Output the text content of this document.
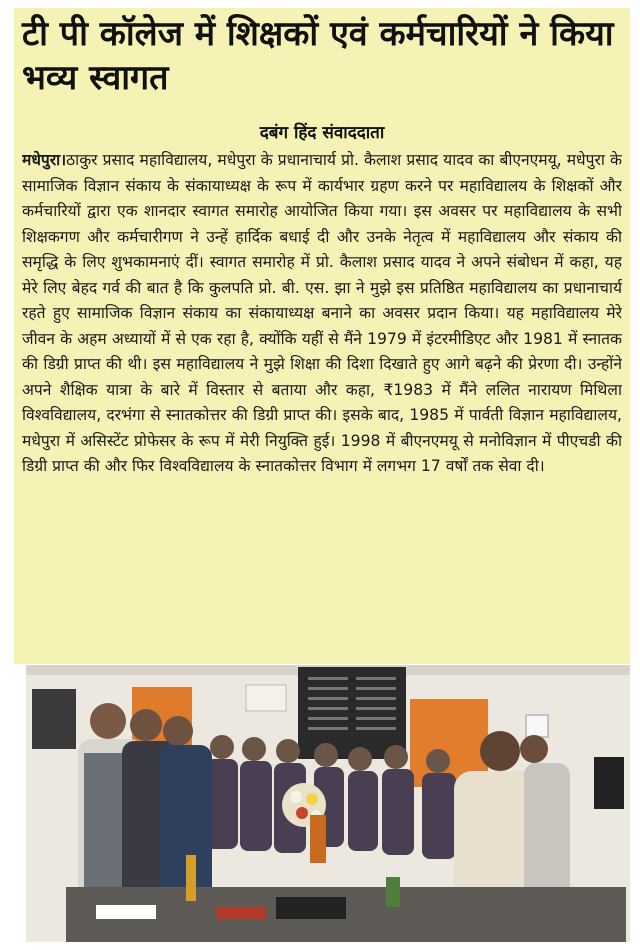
टी पी कॉलेज में शिक्षकों एवं कर्मचारियों ने किया भव्य स्वागत
दबंग हिंद संवाददाता

मधेपुरा।ठाकुर प्रसाद महाविद्यालय, मधेपुरा के प्रधानाचार्य प्रो. कैलाश प्रसाद यादव का बीएनएमयू, मधेपुरा के सामाजिक विज्ञान संकाय के संकायाध्यक्ष के रूप में कार्यभार ग्रहण करने पर महाविद्यालय के शिक्षकों और कर्मचारियों द्वारा एक शानदार स्वागत समारोह आयोजित किया गया। इस अवसर पर महाविद्यालय के सभी शिक्षकगण और कर्मचारीगण ने उन्हें हार्दिक बधाई दी और उनके नेतृत्व में महाविद्यालय और संकाय की समृद्धि के लिए शुभकामनाएं दीं। स्वागत समारोह में प्रो. कैलाश प्रसाद यादव ने अपने संबोधन में कहा, यह मेरे लिए बेहद गर्व की बात है कि कुलपति प्रो. बी. एस. झा ने मुझे इस प्रतिष्ठित महाविद्यालय का प्रधानाचार्य रहते हुए सामाजिक विज्ञान संकाय का संकायाध्यक्ष बनाने का अवसर प्रदान किया। यह महाविद्यालय मेरे जीवन के अहम अध्यायों में से एक रहा है, क्योंकि यहीं से मैंने 1979 में इंटरमीडिएट और 1981 में स्नातक की डिग्री प्राप्त की थी। इस महाविद्यालय ने मुझे शिक्षा की दिशा दिखाते हुए आगे बढ़ने की प्रेरणा दी। उन्होंने अपने शैक्षिक यात्रा के बारे में विस्तार से बताया और कहा, ₹1983 में मैंने ललित नारायण मिथिला विश्वविद्यालय, दरभंगा से स्नातकोत्तर की डिग्री प्राप्त की। इसके बाद, 1985 में पार्वती विज्ञान महाविद्यालय, मधेपुरा में असिस्टेंट प्रोफेसर के रूप में मेरी नियुक्ति हुई। 1998 में बीएनएमयू से मनोविज्ञान में पीएचडी की डिग्री प्राप्त की और फिर विश्वविद्यालय के स्नातकोत्तर विभाग में लगभग 17 वर्षों तक सेवा दी।
